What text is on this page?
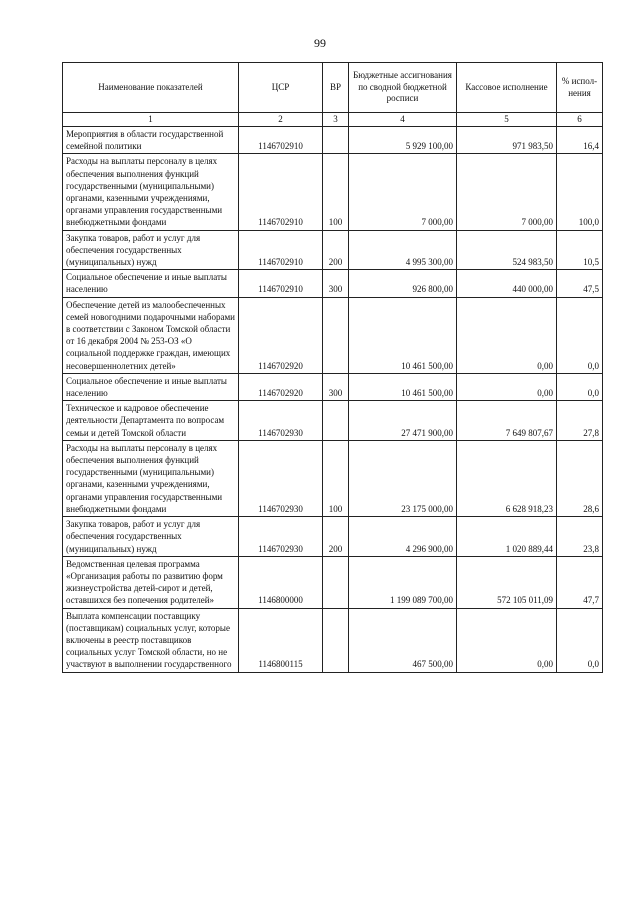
99
Наименование показателей	ЦСР	ВР	Бюджетные ассигнования по сводной бюджетной росписи	Кассовое исполнение	% испол-нения
1	2	3	4	5	6
Мероприятия в области государственной семейной политики	1146702910		5 929 100,00	971 983,50	16,4
Расходы на выплаты персоналу в целях обеспечения выполнения функций государственными (муниципальными) органами, казенными учреждениями, органами управления государственными внебюджетными фондами	1146702910	100	7 000,00	7 000,00	100,0
Закупка товаров, работ и услуг для обеспечения государственных (муниципальных) нужд	1146702910	200	4 995 300,00	524 983,50	10,5
Социальное обеспечение и иные выплаты населению	1146702910	300	926 800,00	440 000,00	47,5
Обеспечение детей из малообеспеченных семей новогодними подарочными наборами в соответствии с Законом Томской области от 16 декабря 2004 № 253-ОЗ «О социальной поддержке граждан, имеющих несовершеннолетних детей»	1146702920		10 461 500,00	0,00	0,0
Социальное обеспечение и иные выплаты населению	1146702920	300	10 461 500,00	0,00	0,0
Техническое и кадровое обеспечение деятельности Департамента по вопросам семьи и детей Томской области	1146702930		27 471 900,00	7 649 807,67	27,8
Расходы на выплаты персоналу в целях обеспечения выполнения функций государственными (муниципальными) органами, казенными учреждениями, органами управления государственными внебюджетными фондами	1146702930	100	23 175 000,00	6 628 918,23	28,6
Закупка товаров, работ и услуг для обеспечения государственных (муниципальных) нужд	1146702930	200	4 296 900,00	1 020 889,44	23,8
Ведомственная целевая программа «Организация работы по развитию форм жизнеустройства детей-сирот и детей, оставшихся без попечения родителей»	1146800000		1 199 089 700,00	572 105 011,09	47,7
Выплата компенсации поставщику (поставщикам) социальных услуг, которые включены в реестр поставщиков социальных услуг Томской области, но не участвуют в выполнении государственного	1146800115		467 500,00	0,00	0,0
